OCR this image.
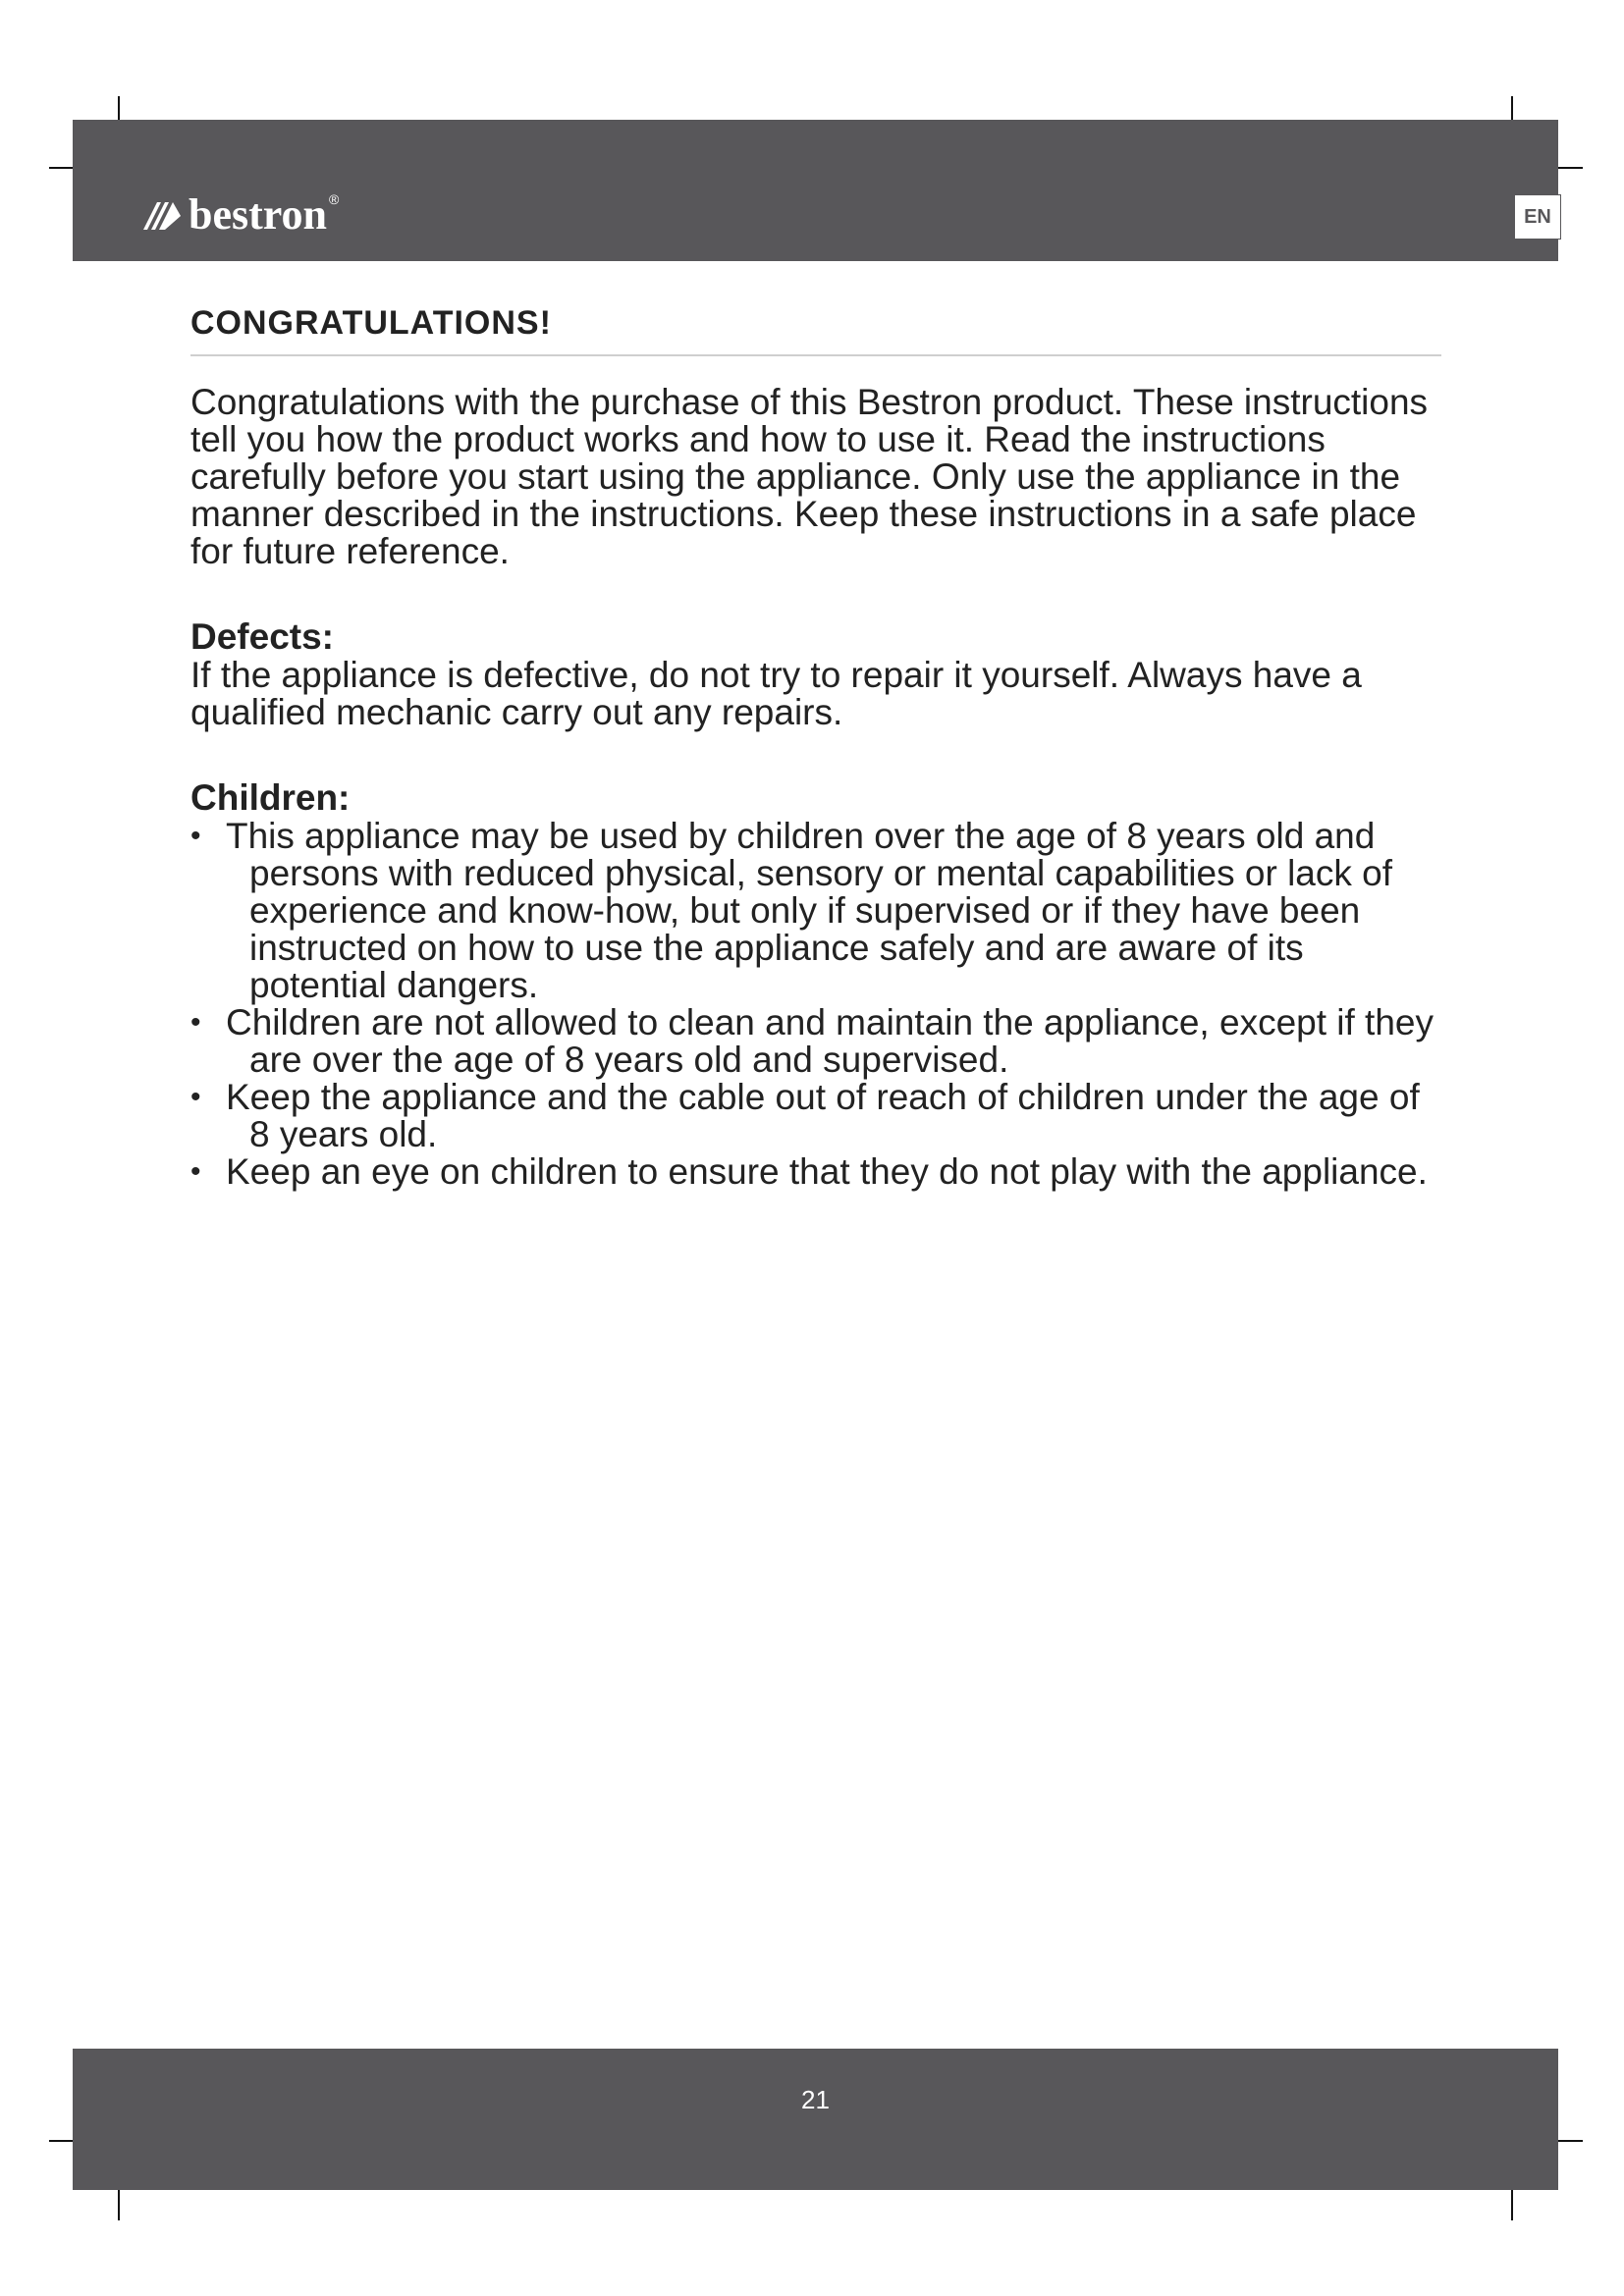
bestron ®
EN
CONGRATULATIONS!

Congratulations with the purchase of this Bestron product. These instructions tell you how the product works and how to use it. Read the instructions carefully before you start using the appliance. Only use the appliance in the manner described in the instructions. Keep these instructions in a safe place for future reference.

Defects:

If the appliance is defective, do not try to repair it yourself. Always have a qualified mechanic carry out any repairs.

Children:
• This appliance may be used by children over the age of 8 years old and persons with reduced physical, sensory or mental capabilities or lack of experience and know-how, but only if supervised or if they have been instructed on how to use the appliance safely and are aware of its potential dangers.
• Children are not allowed to clean and maintain the appliance, except if they are over the age of 8 years old and supervised.
• Keep the appliance and the cable out of reach of children under the age of 8 years old.
• Keep an eye on children to ensure that they do not play with the appliance.
21
